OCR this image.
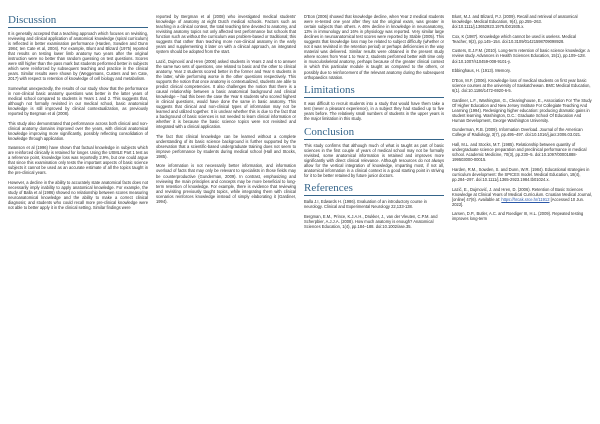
Discussion

It is generally accepted that a teaching approach which focuses on revisiting, reviewing and clinical application of anatomical knowledge (spiral curriculum) is reflected in better examination performance (Harden, Sowden and Dunn 1984; ten Cate et al, 2004). For example, Blunt and Blizard (1975) reported that results on testing lower limb anatomy two years after the original instruction were no better than random guessing on test questions. Scores were still higher than the pass mark but students performed better in subjects which were reinforced by subsequent teaching and practice in the clinical years. Similar results were shown by (Weggemans, Custers and ten Cate, 2017) with respect to retention of knowledge of cell biology and metabolism.

Somewhat unexpectedly, the results of our study show that the performance in non-clinical basic anatomy questions was better in the latter years of medical school compared to students in Years 1 and 2. This suggests that, although not formally revisited in our medical school, basic anatomical knowledge is still improved by clinical contextualization, as previously reported by Bergman et al (2008).

This study also demonstrated that performance across both clinical and non-clinical anatomy domains improved over the years, with clinical anatomical knowledge improving more significantly, possibly reflecting consolidation of knowledge through application.

Swanson et al (1996) have shown that factual knowledge in subjects which are reinforced clinically is retained for longer. Using the USMLE Part 1 test as a reference point, knowledge loss was reportedly 2.9%, but one could argue that since this examination only tests the important aspects of basic science subjects it cannot be used as an accurate estimate of all the topics taught in the pre-clinical years.

However, a decline in the ability to accurately state anatomical facts does not necessarily imply inability to apply anatomical knowledge. For example, the study of Balla et al (1986) showed no relationship between scores measuring neuroanatomical knowledge and the ability to make a correct clinical diagnosis; and students who could recall more pre-clinical knowledge were not able to better apply it in the clinical setting. Similar findings were

reported by Bergman et al (2008) who investigated medical students' knowledge of anatomy at eight Dutch medical schools. Factors such as teaching in a clinical context, the total teaching time devoted to anatomy, and revisiting anatomy topics not only affected test performance but schools that function such as without the curriculum was problem-based or traditional; this suggests that rather than teaching more non-clinical anatomy in the early years and supplementing it later on with a clinical approach, an integrated system should be adopted from the start.

Lazić, Dujmović and Hren (2006) asked students in Years 2 and 6 to answer the same two sets of questions, one related to basic and the other to clinical anatomy. Year 2 students scored better in the former and Year 6 students in the latter, while performing worse in the other questions respectively. This supports the notion that once anatomy is contextualized, students are able to predict clinical competencies. It also challenges the notion that there is a causal relationship between a basic anatomical background and clinical knowledge – had this been the case the Year 6 students who scored highest in clinical questions, would have done the same in basic anatomy. This suggests that clinical and non-clinical types of information may not be learned and utilized together. It is unclear whether this is due to the fact that a background of basic sciences is not needed to learn clinical information or whether it is because the basic science topics were not revisited and integrated with a clinical application.

The fact that clinical knowledge can be learned without a complete understanding of its basic science background is further supported by the observation that a scientific-based undergraduate training does not seem to improve performance by students during medical school (Hall and Stocks, 1985).

More information is not necessarily better information, and information overload of facts that may only be relevant to specialists in those fields may be counterproductive (Gunderman, 2009). In contrast, emphasizing and reviewing the main principles and concepts may be more beneficial to long-term retention of knowledge. For example, there is evidence that reviewing and revisiting previously taught topics, while integrating them with clinical scenarios reinforces knowledge instead of simply elaborating it (Gardiner, 1994).

D'Eon (2006) showed that knowledge decline, when Year 2 medical students were re-tested one year after they sat the original exam, was greater in certain subjects than others. A 46% decline in knowledge in neuroanatomy, 13% in immunology and 16% in physiology was reported. Very similar large declines in neuroanatomical test scores were reported by Stable (2005). This suggests that knowledge loss may be related to subject difficulty (whether or not it was revisited in the retention period) or perhaps deficiencies in the way material was delivered. Similar results were obtained in the present study where scores from Year 1 to Year 2, students performed better with time only in musculoskeletal anatomy, perhaps because of the greater clinical context in which this particular module is taught as compared to the others, or possibly due to reinforcement of the relevant anatomy during the subsequent orthopaedics rotation.

Limitations

It was difficult to recruit students into a study that would have them take a test (never a pleasant experience), in a subject they had studied up to five years before. The relatively small numbers of students in the upper years is the major limitation in this study.

Conclusion

This study confirms that although much of what is taught as part of basic sciences in the first couple of years of medical school may not be formally revisited, some anatomical information is retained and improves more significantly with direct clinical relevance. Although resources do not always allow for the vertical integration of knowledge, imparting most, if not all, anatomical information in a clinical context is a good starting point in striving for it to be better retained by future junior doctors.

References
Balla J.I, Edwards H. (1986). Evaluation of an introductory course in neurology. Clinical and Experimental Neurology 22,133-138.
Bergman, E.M., Prince, K.J.A.H., Drukker, J., van der Vleuten, C.P.M. and Scherpbier, A.J.J.A. (2008). How much anatomy is enough? Anatomical Sciences Education, 1(4), pp.184–188. doi:10.1002/ase.35.
Blunt, M.J. and Blizard, P.J. (2009). Recall and retrieval of anatomical knowledge. Medical Education, 9(4), pp.255–263. doi:10.1111/j.13652923.1975.tb01935.x.
Cox, K (1987). Knowledge which cannot be used is useless. Medical Teacher, 9(2), pp.145–154. doi:10.3109/01421598709098928.
Custers, E.J.F.M. (2010). Long-term retention of basic science knowledge: a review study. Advances in Health Sciences Education, 15(1), pp.109–128. doi:10.1007/s10459-008-9101-y.
Ebbinghaus, H. (1913). Memory.
D'Eon, M.F. (2006). Knowledge loss of medical students on first year basic science courses at the university of Saskatchewan. BMC Medical Education, 6(1). doi:10.1186/1472-6920-6-5.
Gardiner, L.F., Washington, G., Clearinghouse, E., Association For The Study Of Higher Education and New Jersey Institute For Collegiate Teaching And Learning (1994). Redesigning higher education: producing dramatic gains in student learning. Washington, D.C.: Graduate School Of Education And Human Development, George Washington University.
Gunderman, R.B. (2009). Information Overload. Journal of the American College of Radiology, 3(7), pp.495–497. doi:10.1016/j.jacr.2006.03.021.
Hall, M.L. and Stocks, M.T. (1985). Relationship between quantity of undergraduate science preparation and preclinical performance in medical school. Academic Medicine, 70(3), pp.230–5. doi:10.1097/00001888-199503000-00015.
Harden, R.M., Sowden, S. and Dunn, W.R. (1984). Educational strategies in curriculum development: the SPICES model. Medical Education, 18(4), pp.284–297. doi:10.1111/j.1365-2923.1984.tb01024.x.
Lazić, E., Dujmović, J. and Hren, D. (2006). Retention of Basic Sciences Knowledge at Clinical Years of Medical Curriculum. Croatian Medical Journal, [online] 47(6). Available at: https://hrcak.srce.hr/11912 [Accessed 10 Jun. 2022].
Larsen, D.P., Butler, A.C. and Roediger III, H.L. (2009). Repeated testing improves long-term
